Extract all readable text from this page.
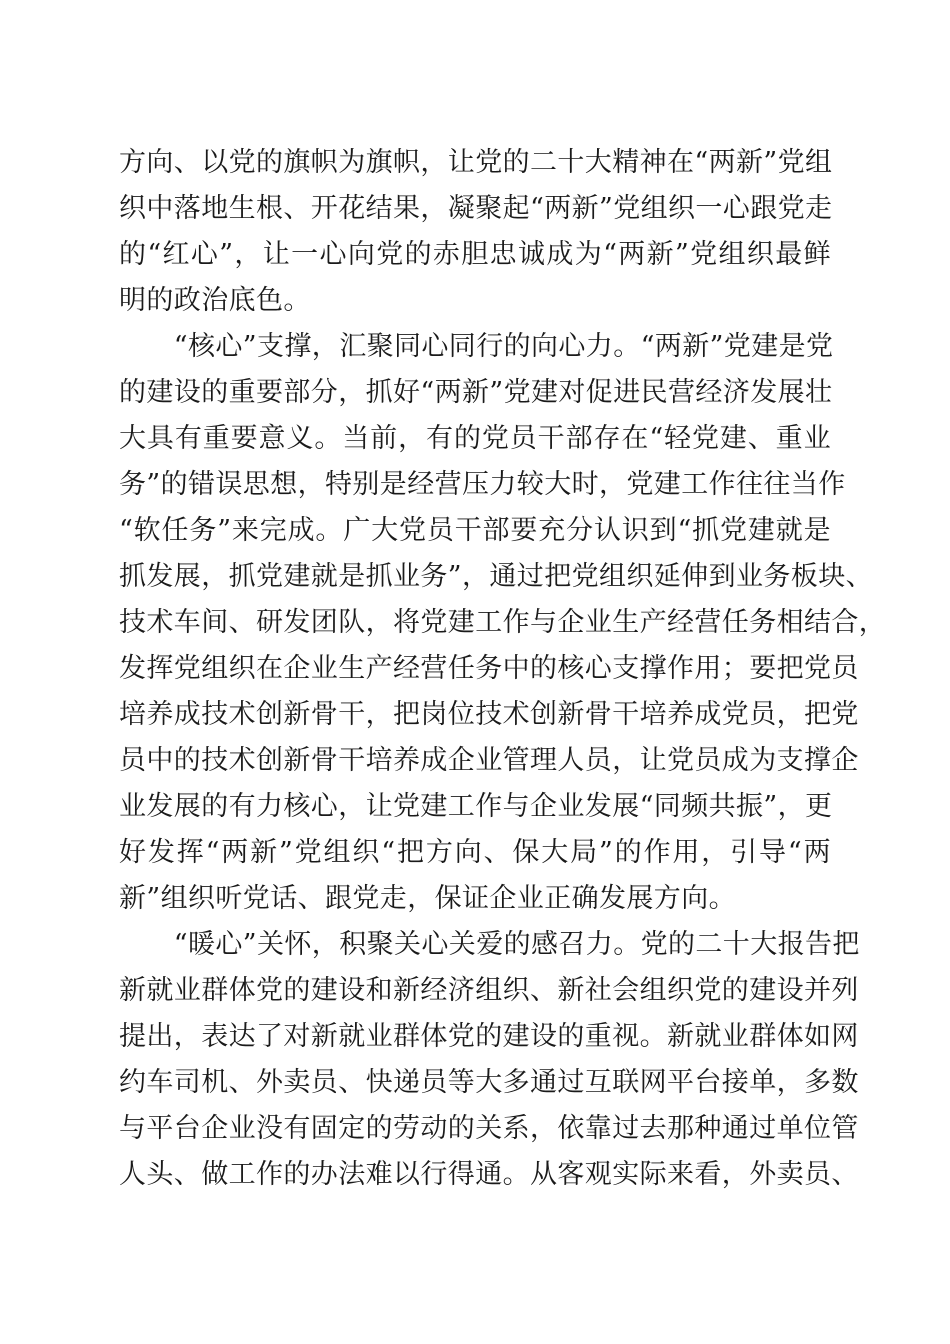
方向、以党的旗帜为旗帜，让党的二十大精神在“两新”党组
织中落地生根、开花结果，凝聚起“两新”党组织一心跟党走
的“红心”，让一心向党的赤胆忠诚成为“两新”党组织最鲜
明的政治底色。
　　“核心”支撑，汇聚同心同行的向心力。“两新”党建是党
的建设的重要部分，抓好“两新”党建对促进民营经济发展壮
大具有重要意义。当前，有的党员干部存在“轻党建、重业
务”的错误思想，特别是经营压力较大时，党建工作往往当作
“软任务”来完成。广大党员干部要充分认识到“抓党建就是
抓发展，抓党建就是抓业务”，通过把党组织延伸到业务板块、
技术车间、研发团队，将党建工作与企业生产经营任务相结合，
发挥党组织在企业生产经营任务中的核心支撑作用；要把党员
培养成技术创新骨干，把岗位技术创新骨干培养成党员，把党
员中的技术创新骨干培养成企业管理人员，让党员成为支撑企
业发展的有力核心，让党建工作与企业发展“同频共振”，更
好发挥“两新”党组织“把方向、保大局”的作用，引导“两
新”组织听党话、跟党走，保证企业正确发展方向。
　　“暖心”关怀，积聚关心关爱的感召力。党的二十大报告把
新就业群体党的建设和新经济组织、新社会组织党的建设并列
提出，表达了对新就业群体党的建设的重视。新就业群体如网
约车司机、外卖员、快递员等大多通过互联网平台接单，多数
与平台企业没有固定的劳动的关系，依靠过去那种通过单位管
人头、做工作的办法难以行得通。从客观实际来看，外卖员、
